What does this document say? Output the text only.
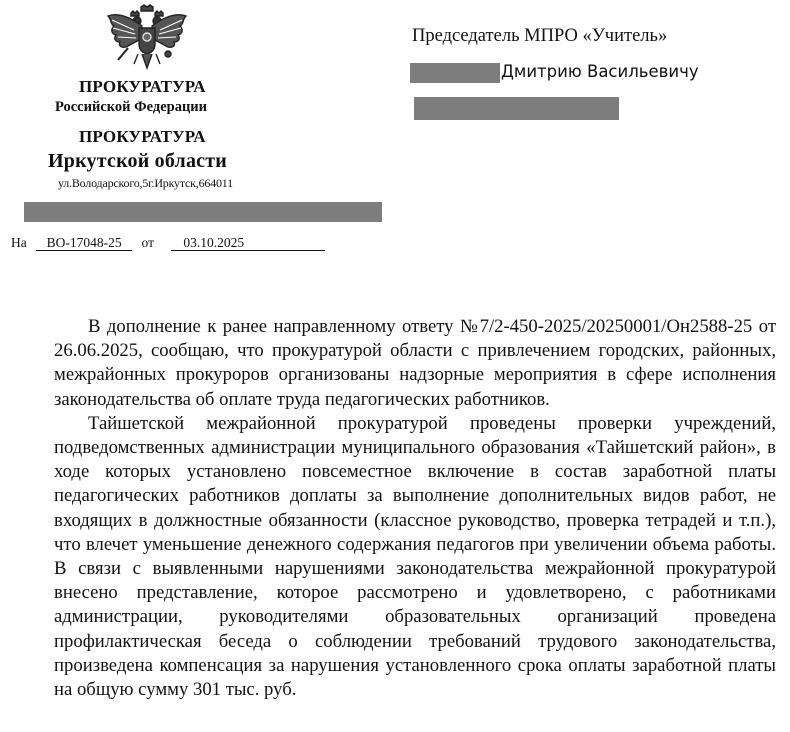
ПРОКУРАТУРА
Российской Федерации
ПРОКУРАТУРА
Иркутской области
ул.Володарского,5г.Иркутск,664011
На ВО-17048-25 от 03.10.2025
Председатель МПРО «Учитель»
Дмитрию Васильевичу

В дополнение к ранее направленному ответу №7/2-450-2025/20250001/Он2588-25 от 26.06.2025, сообщаю, что прокуратурой области с привлечением городских, районных, межрайонных прокуроров организованы надзорные мероприятия в сфере исполнения законодательства об оплате труда педагогических работников.

Тайшетской межрайонной прокуратурой проведены проверки учреждений, подведомственных администрации муниципального образования «Тайшетский район», в ходе которых установлено повсеместное включение в состав заработной платы педагогических работников доплаты за выполнение дополнительных видов работ, не входящих в должностные обязанности (классное руководство, проверка тетрадей и т.п.), что влечет уменьшение денежного содержания педагогов при увеличении объема работы. В связи с выявленными нарушениями законодательства межрайонной прокуратурой внесено представление, которое рассмотрено и удовлетворено, с работниками администрации, руководителями образовательных организаций проведена профилактическая беседа о соблюдении требований трудового законодательства, произведена компенсация за нарушения установленного срока оплаты заработной платы на общую сумму 301 тыс. руб.
